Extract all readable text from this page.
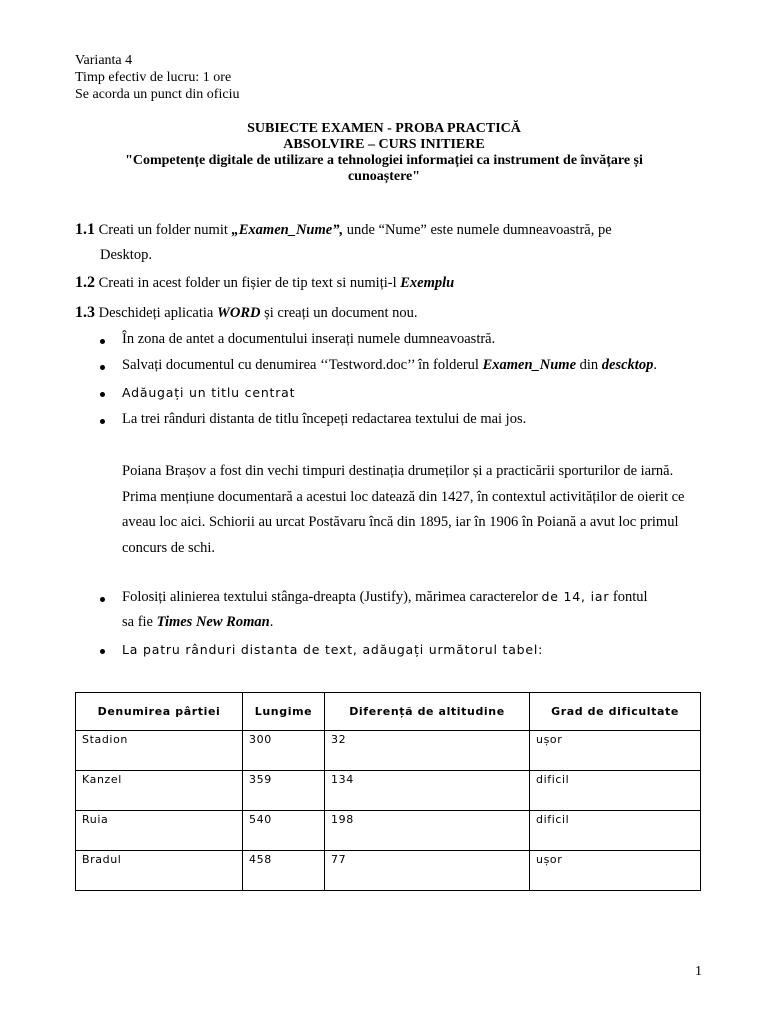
Varianta 4
Timp efectiv de lucru: 1 ore
Se acorda un punct din oficiu
SUBIECTE EXAMEN - PROBA PRACTICĂ
ABSOLVIRE – CURS INITIERE
"Competențe digitale de utilizare a tehnologiei informației ca instrument de învățare și
cunoaștere"
1.1 Creati un folder numit „Examen_Nume”, unde “Nume” este numele dumneavoastră, pe
Desktop.
1.2 Creati in acest folder un fișier de tip text si numiți-l Exemplu
1.3 Deschideți aplicatia WORD și creați un document nou.
În zona de antet a documentului inserați numele dumneavoastră.
Salvați documentul cu denumirea ‘‘Testword.doc’’ în folderul Examen_Nume din descktop.
Adăugați un titlu centrat
La trei rânduri distanta de titlu începeți redactarea textului de mai jos.
Poiana Brașov a fost din vechi timpuri destinația drumeților și a practicării sporturilor de iarnă. Prima mențiune documentară a acestui loc datează din 1427, în contextul activităților de oierit ce aveau loc aici. Schiorii au urcat Postăvaru încă din 1895, iar în 1906 în Poiană a avut loc primul concurs de schi.
Folosiți alinierea textului stânga-dreapta (Justify), mărimea caracterelor de 14, iar fontul
sa fie Times New Roman.
La patru rânduri distanta de text, adăugați următorul tabel:
Denumirea pârtiei	Lungime	Diferență de altitudine	Grad de dificultate
Stadion	300	32	ușor
Kanzel	359	134	dificil
Ruia	540	198	dificil
Bradul	458	77	ușor
1
